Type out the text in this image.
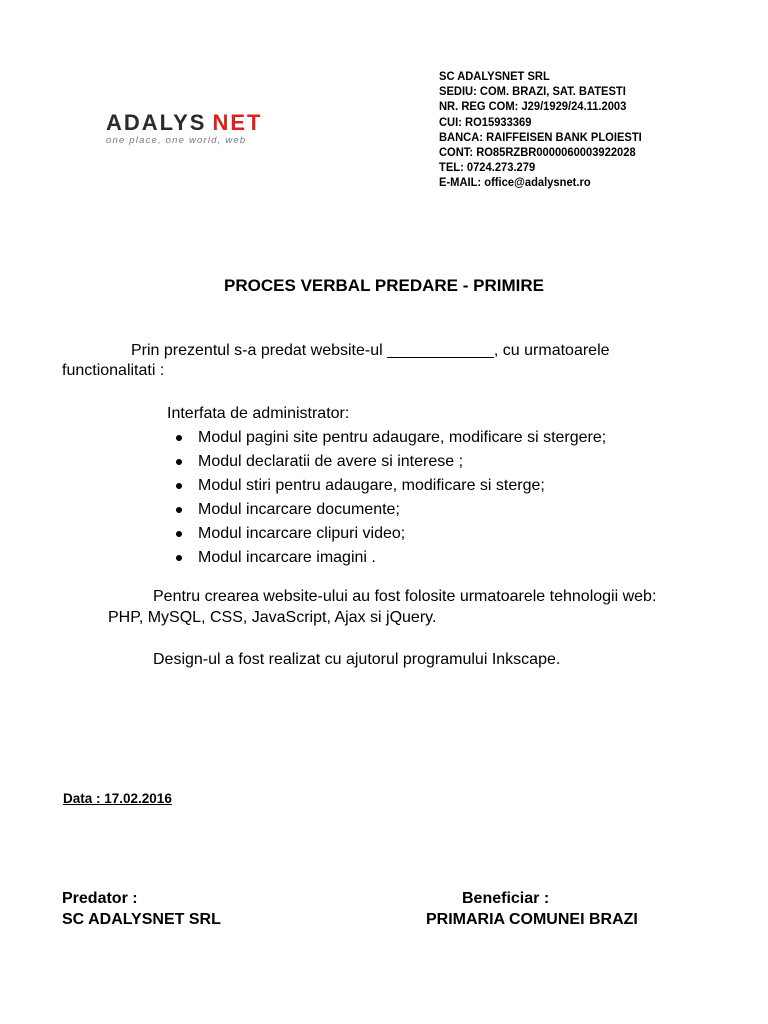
ADALYS NET
one place, one world, web
SC ADALYSNET SRL
SEDIU: COM. BRAZI, SAT. BATESTI
NR. REG COM: J29/1929/24.11.2003
CUI: RO15933369
BANCA: RAIFFEISEN BANK PLOIESTI
CONT: RO85RZBR0000060003922028
TEL: 0724.273.279
E-MAIL: office@adalysnet.ro
PROCES VERBAL PREDARE - PRIMIRE
Prin prezentul s-a predat website-ul ____________, cu urmatoarele
functionalitati :
Interfata de administrator:
Modul pagini site pentru adaugare, modificare si stergere;
Modul declaratii de avere si interese ;
Modul stiri pentru adaugare, modificare si sterge;
Modul incarcare documente;
Modul incarcare clipuri video;
Modul incarcare imagini .
Pentru crearea website-ului au fost folosite urmatoarele tehnologii web:
PHP, MySQL, CSS, JavaScript, Ajax si jQuery.
Design-ul a fost realizat cu ajutorul programului Inkscape.
Data : 17.02.2016
Predator :
SC ADALYSNET SRL
Beneficiar :
PRIMARIA COMUNEI BRAZI
